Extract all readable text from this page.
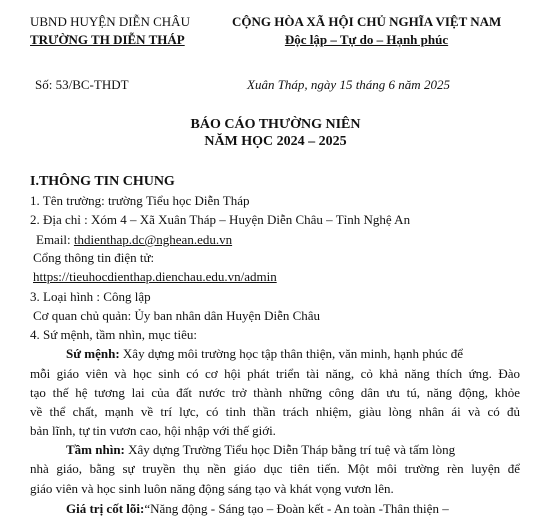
UBND HUYỆN DIỄN CHÂU
TRƯỜNG TH DIỄN THÁP
CỘNG HÒA XÃ HỘI CHỦ NGHĨA VIỆT NAM
Độc lập – Tự do – Hạnh phúc
Số: 53/BC-THDT	Xuân Tháp, ngày 15 tháng 6 năm 2025
BÁO CÁO THƯỜNG NIÊN
NĂM HỌC 2024 – 2025
I.THÔNG TIN CHUNG
1. Tên trường: trường Tiểu học Diễn Tháp
2. Địa chỉ : Xóm 4 – Xã Xuân Tháp – Huyện Diễn Châu – Tỉnh Nghệ An
Email: thdienthap.dc@nghean.edu.vn
Cổng thông tin điện tử:
https://tieuhocdienthap.dienchau.edu.vn/admin
3. Loại hình : Công lập
Cơ quan chủ quản: Ủy ban nhân dân Huyện Diễn Châu
4. Sứ mệnh, tầm nhìn, mục tiêu:
Sứ mệnh: Xây dựng môi trường học tập thân thiện, văn minh, hạnh phúc để
mỗi giáo viên và học sinh có cơ hội phát triển tài năng, cỏ khả năng thích ứng. Đào
tạo thế hệ tương lai của đất nước trở thành những công dân ưu tú, năng động, khỏe
về thể chất, mạnh về trí lực, có tinh thần trách nhiệm, giàu lòng nhân ái và có đủ
bản lĩnh, tự tin vươn cao, hội nhập với thế giới.
Tầm nhìn: Xây dựng Trường Tiểu học Diễn Tháp bằng trí tuệ và tấm lòng
nhà giáo, bằng sự truyền thụ nền giáo dục tiên tiến. Một môi trường rèn luyện để
giáo viên và học sinh luôn năng động sáng tạo và khát vọng vươn lên.
Giá trị cốt lõi:“Năng động - Sáng tạo – Đoàn kết - An toàn -Thân thiện –
